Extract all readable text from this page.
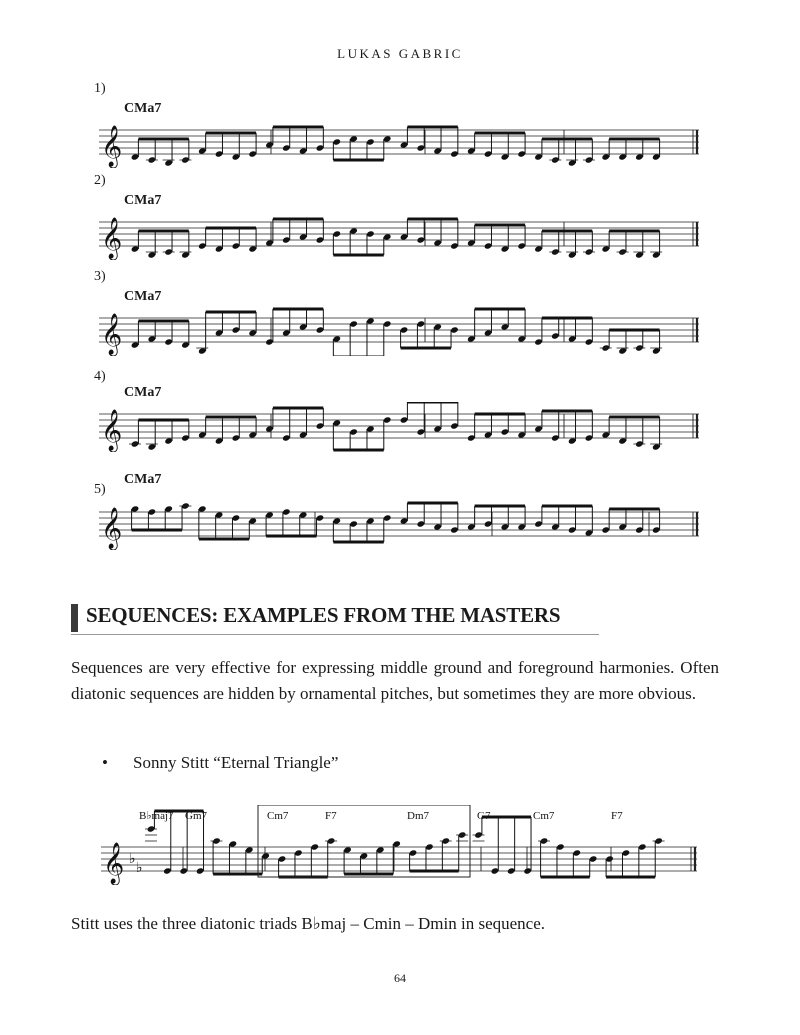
LUKAS GABRIC
1)
CMa7
𝄞
2)
CMa7
𝄞
3)
CMa7
𝄞
4)
CMa7
𝄞
CMa7
5)
𝄞
SEQUENCES: EXAMPLES FROM THE MASTERS
Sequences are very effective for expressing middle ground and foreground harmonies. Often diatonic sequences are hidden by ornamental pitches, but sometimes they are more obvious.
• Sonny Stitt “Eternal Triangle”
𝄞 ♭
♭
B♭maj7 Gm7	Cm7	F7	Dm7	G7	Cm7	F7
Stitt uses the three diatonic triads B♭maj – Cmin – Dmin in sequence.
64
